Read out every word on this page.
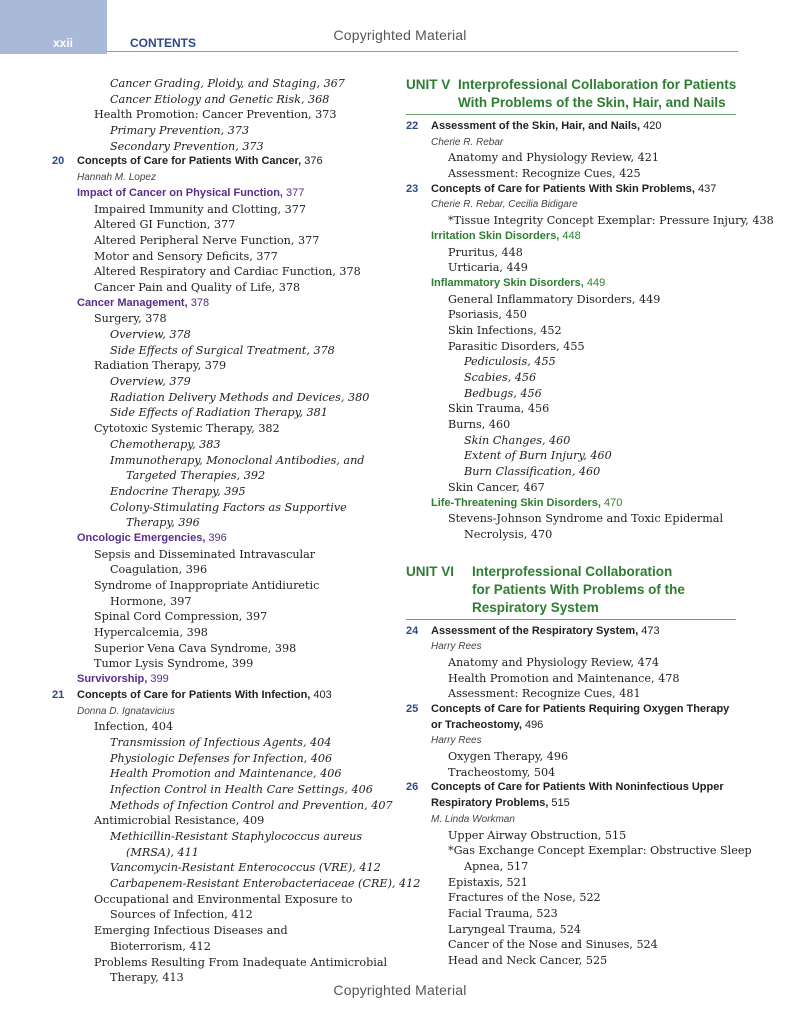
xxii	CONTENTS	Copyrighted Material
Copyrighted Material
Cancer Grading, Ploidy, and Staging, 367
Cancer Etiology and Genetic Risk, 368
Health Promotion: Cancer Prevention, 373
Primary Prevention, 373
Secondary Prevention, 373
20 Concepts of Care for Patients With Cancer, 376
Hannah M. Lopez
Impact of Cancer on Physical Function, 377
Impaired Immunity and Clotting, 377
Altered GI Function, 377
Altered Peripheral Nerve Function, 377
Motor and Sensory Deficits, 377
Altered Respiratory and Cardiac Function, 378
Cancer Pain and Quality of Life, 378
Cancer Management, 378
Surgery, 378
Overview, 378
Side Effects of Surgical Treatment, 378
Radiation Therapy, 379
Overview, 379
Radiation Delivery Methods and Devices, 380
Side Effects of Radiation Therapy, 381
Cytotoxic Systemic Therapy, 382
Chemotherapy, 383
Immunotherapy, Monoclonal Antibodies, and
Targeted Therapies, 392
Endocrine Therapy, 395
Colony-Stimulating Factors as Supportive
Therapy, 396
Oncologic Emergencies, 396
Sepsis and Disseminated Intravascular
Coagulation, 396
Syndrome of Inappropriate Antidiuretic
Hormone, 397
Spinal Cord Compression, 397
Hypercalcemia, 398
Superior Vena Cava Syndrome, 398
Tumor Lysis Syndrome, 399
Survivorship, 399
21 Concepts of Care for Patients With Infection, 403
Donna D. Ignatavicius
Infection, 404
Transmission of Infectious Agents, 404
Physiologic Defenses for Infection, 406
Health Promotion and Maintenance, 406
Infection Control in Health Care Settings, 406
Methods of Infection Control and Prevention, 407
Antimicrobial Resistance, 409
Methicillin-Resistant Staphylococcus aureus
(MRSA), 411
Vancomycin-Resistant Enterococcus (VRE), 412
Carbapenem-Resistant Enterobacteriaceae (CRE), 412
Occupational and Environmental Exposure to
Sources of Infection, 412
Emerging Infectious Diseases and
Bioterrorism, 412
Problems Resulting From Inadequate Antimicrobial
Therapy, 413
UNIT V Interprofessional Collaboration for Patients
With Problems of the Skin, Hair, and Nails
22 Assessment of the Skin, Hair, and Nails, 420
Cherie R. Rebar
Anatomy and Physiology Review, 421
Assessment: Recognize Cues, 425
23 Concepts of Care for Patients With Skin Problems, 437
Cherie R. Rebar, Cecilia Bidigare
*Tissue Integrity Concept Exemplar: Pressure Injury, 438
Irritation Skin Disorders, 448
Pruritus, 448
Urticaria, 449
Inflammatory Skin Disorders, 449
General Inflammatory Disorders, 449
Psoriasis, 450
Skin Infections, 452
Parasitic Disorders, 455
Pediculosis, 455
Scabies, 456
Bedbugs, 456
Skin Trauma, 456
Burns, 460
Skin Changes, 460
Extent of Burn Injury, 460
Burn Classification, 460
Skin Cancer, 467
Life-Threatening Skin Disorders, 470
Stevens-Johnson Syndrome and Toxic Epidermal
Necrolysis, 470
UNIT VI Interprofessional Collaboration
for Patients With Problems of the
Respiratory System
24 Assessment of the Respiratory System, 473
Harry Rees
Anatomy and Physiology Review, 474
Health Promotion and Maintenance, 478
Assessment: Recognize Cues, 481
25 Concepts of Care for Patients Requiring Oxygen Therapy
or Tracheostomy, 496
Harry Rees
Oxygen Therapy, 496
Tracheostomy, 504
26 Concepts of Care for Patients With Noninfectious Upper
Respiratory Problems, 515
M. Linda Workman
Upper Airway Obstruction, 515
*Gas Exchange Concept Exemplar: Obstructive Sleep
Apnea, 517
Epistaxis, 521
Fractures of the Nose, 522
Facial Trauma, 523
Laryngeal Trauma, 524
Cancer of the Nose and Sinuses, 524
Head and Neck Cancer, 525
